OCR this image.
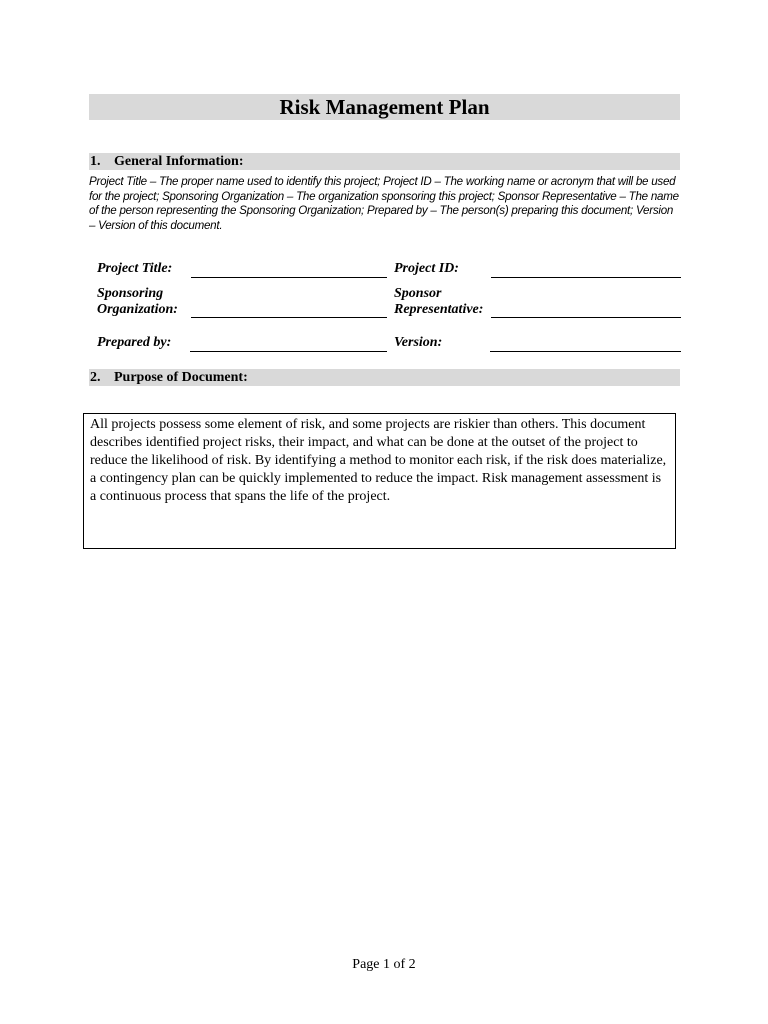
Risk Management Plan
1. General Information:
Project Title – The proper name used to identify this project; Project ID – The working name or acronym that will be used for the project; Sponsoring Organization – The organization sponsoring this project; Sponsor Representative – The name of the person representing the Sponsoring Organization; Prepared by – The person(s) preparing this document; Version – Version of this document.
Project Title:	Project ID:
Sponsoring
Organization:
Sponsor
Representative:
Prepared by:	Version:
2. Purpose of Document:
All projects possess some element of risk, and some projects are riskier than others. This document describes identified project risks, their impact, and what can be done at the outset of the project to reduce the likelihood of risk. By identifying a method to monitor each risk, if the risk does materialize, a contingency plan can be quickly implemented to reduce the impact. Risk management assessment is a continuous process that spans the life of the project.
Page 1 of 2
